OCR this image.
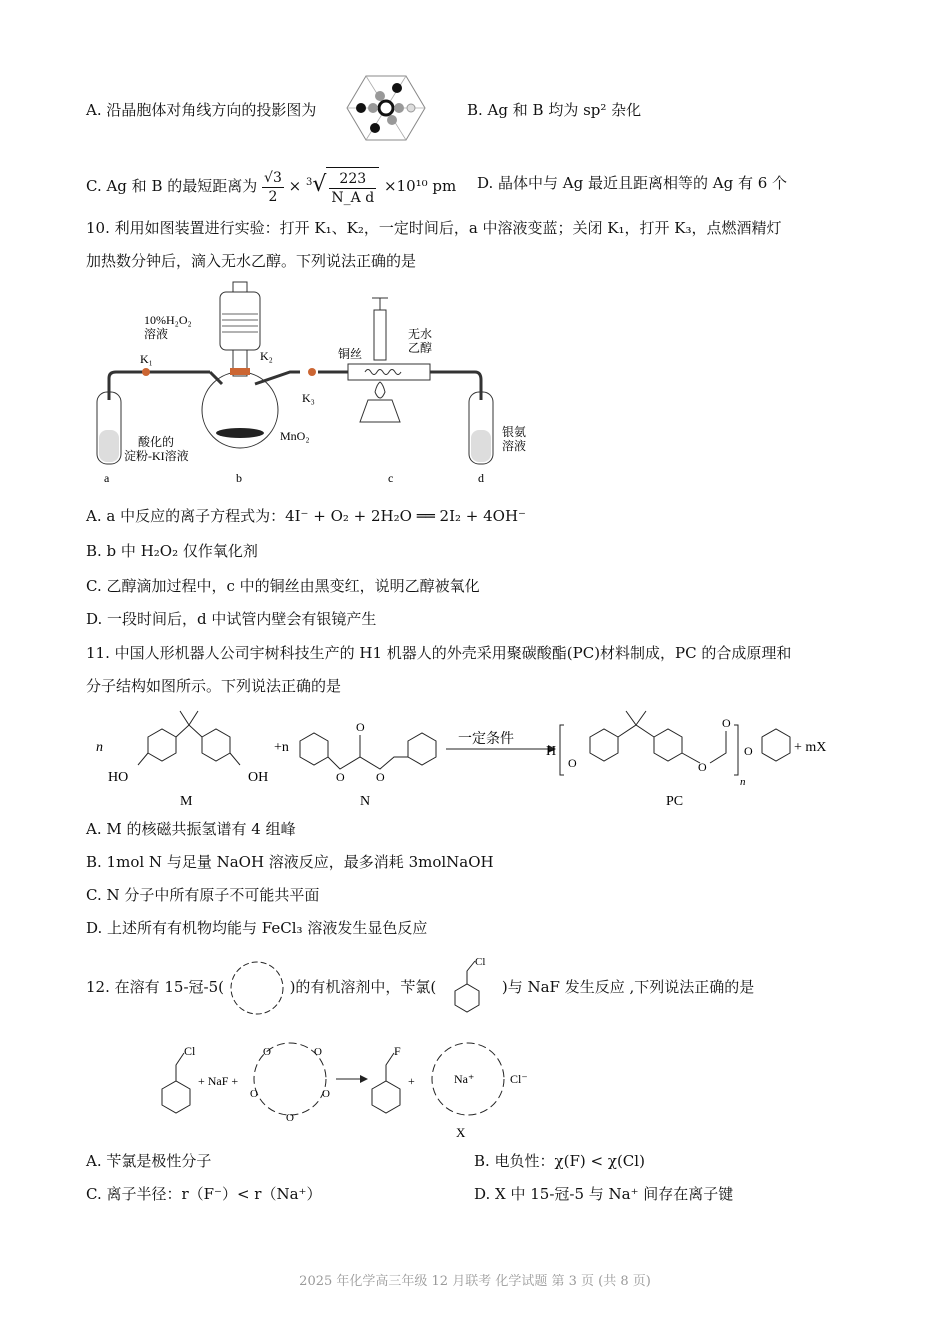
A. 沿晶胞体对角线方向的投影图为	B. Ag 和 B 均为 sp² 杂化
C. Ag 和 B 的最短距离为 $\frac{√3}{2} \times ^3√ \frac{223}{\text{N\_A d}} \times 10^{10}$ pm D. 晶体中与 Ag 最近且距离相等的 Ag 有 6 个
10. 利用如图装置进行实验：打开 K₁、K₂，一定时间后，a 中溶液变蓝；关闭 K₁，打开 K₃，点燃酒精灯
加热数分钟后，滴入无水乙醇。下列说法正确的是
K₁
10%H₂O₂
溶液
K₂
MnO₂
K₃
无水
乙醇
铜丝
银氨
溶液
酸化的
淀粉-KI溶液
a	b	c	d
A. a 中反应的离子方程式为：4I⁻ + O₂ + 2H₂O ══ 2I₂ + 4OH⁻
B. b 中 H₂O₂ 仅作氧化剂
C. 乙醇滴加过程中，c 中的铜丝由黑变红，说明乙醇被氧化
D. 一段时间后，d 中试管内壁会有银镜产生
11. 中国人形机器人公司宇树科技生产的 H1 机器人的外壳采用聚碳酸酯(PC)材料制成，PC 的合成原理和
分子结构如图所示。下列说法正确的是
n
HO	OH
M
+n
O	O
O
N
一定条件
H
O	O
O
n
O	+ mX
PC
A. M 的核磁共振氢谱有 4 组峰
B. 1mol N 与足量 NaOH 溶液反应，最多消耗 3molNaOH
C. N 分子中所有原子不可能共平面
D. 上述所有有机物均能与 FeCl₃ 溶液发生显色反应
12. 在溶有 15-冠-5(	)的有机溶剂中，苄氯(
Cl
)与 NaF 发生反应 ,下列说法正确的是
Cl
+ NaF +
O	O
O	O
O
F
+	Na⁺	Cl⁻
X
A. 苄氯是极性分子	B. 电负性：χ(F) < χ(Cl)
C. 离子半径：r（F⁻）< r（Na⁺）	D. X 中 15-冠-5 与 Na⁺ 间存在离子键
2025 年化学高三年级 12 月联考 化学试题 第 3 页 (共 8 页)
